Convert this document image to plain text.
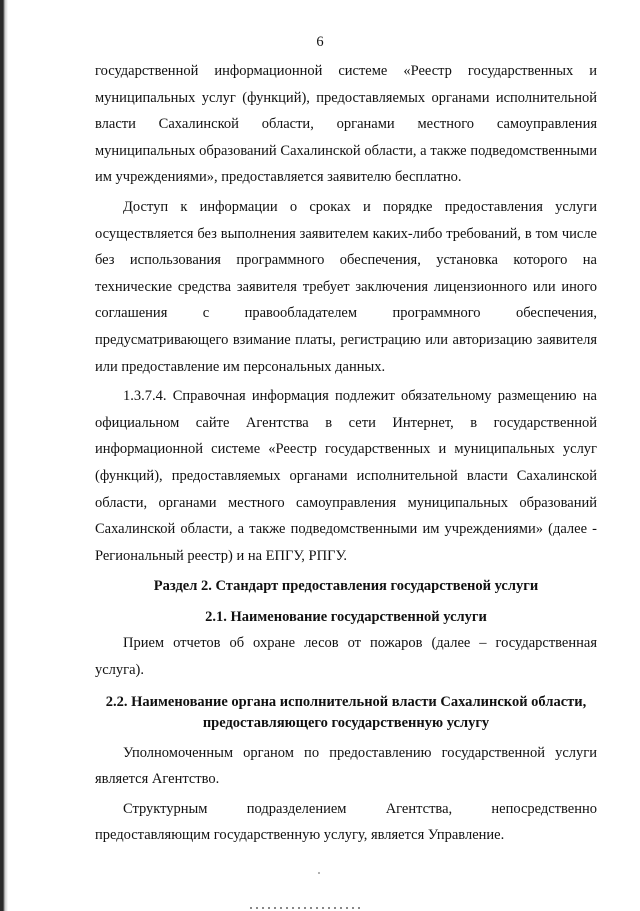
6

государственной информационной системе «Реестр государственных и муниципальных услуг (функций), предоставляемых органами исполнительной власти Сахалинской области, органами местного самоуправления муниципальных образований Сахалинской области, а также подведомственными им учреждениями», предоставляется заявителю бесплатно.

Доступ к информации о сроках и порядке предоставления услуги осуществляется без выполнения заявителем каких-либо требований, в том числе без использования программного обеспечения, установка которого на технические средства заявителя требует заключения лицензионного или иного соглашения с правообладателем программного обеспечения, предусматривающего взимание платы, регистрацию или авторизацию заявителя или предоставление им персональных данных.

1.3.7.4. Справочная информация подлежит обязательному размещению на официальном сайте Агентства в сети Интернет, в государственной информационной системе «Реестр государственных и муниципальных услуг (функций), предоставляемых органами исполнительной власти Сахалинской области, органами местного самоуправления муниципальных образований Сахалинской области, а также подведомственными им учреждениями» (далее - Региональный реестр) и на ЕПГУ, РПГУ.

Раздел 2. Стандарт предоставления государственой услуги

2.1. Наименование государственной услуги

Прием отчетов об охране лесов от пожаров (далее – государственная услуга).

2.2. Наименование органа исполнительной власти Сахалинской области,
предоставляющего государственную услугу

Уполномоченным органом по предоставлению государственной услуги является Агентство.

Структурным подразделением Агентства, непосредственно предоставляющим государственную услугу, является Управление.
